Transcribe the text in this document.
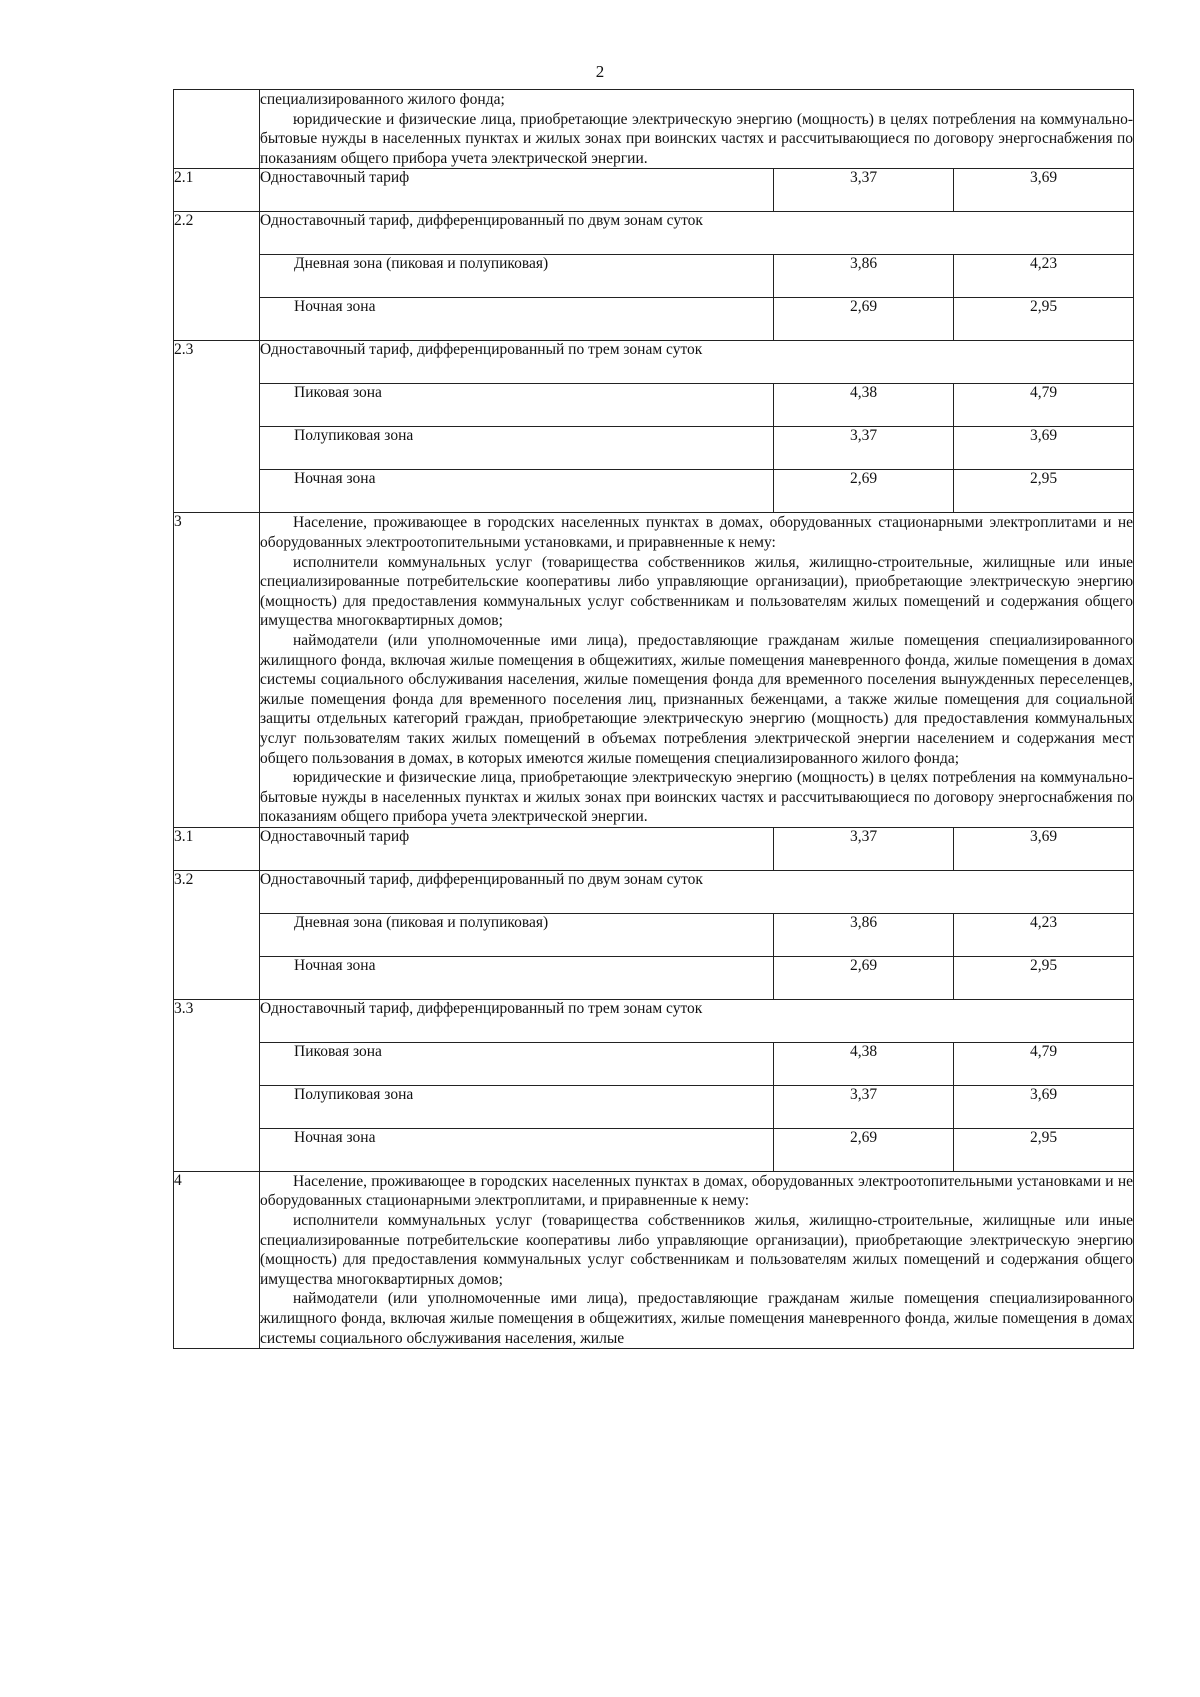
2

	специализированного жилого фонда;

юридические и физические лица, приобретающие электрическую энергию (мощность) в целях потребления на коммунально-бытовые нужды в населенных пунктах и жилых зонах при воинских частях и рассчитывающиеся по договору энергоснабжения по показаниям общего прибора учета электрической энергии.		

2.1	Одноставочный тариф	3,37	3,69
2.2	Одноставочный тариф, дифференцированный по двум зонам суток		
	Дневная зона (пиковая и полупиковая)	3,86	4,23
	Ночная зона	2,69	2,95
2.3	Одноставочный тариф, дифференцированный по трем зонам суток		
	Пиковая зона	4,38	4,79
	Полупиковая зона	3,37	3,69
	Ночная зона	2,69	2,95
3	Население, проживающее в городских населенных пунктах в домах, оборудованных стационарными электроплитами и не оборудованных электроотопительными установками, и приравненные к нему:

исполнители коммунальных услуг (товарищества собственников жилья, жилищно-строительные, жилищные или иные специализированные потребительские кооперативы либо управляющие организации), приобретающие электрическую энергию (мощность) для предоставления коммунальных услуг собственникам и пользователям жилых помещений и содержания общего имущества многоквартирных домов;

наймодатели (или уполномоченные ими лица), предоставляющие гражданам жилые помещения специализированного жилищного фонда, включая жилые помещения в общежитиях, жилые помещения маневренного фонда, жилые помещения в домах системы социального обслуживания населения, жилые помещения фонда для временного поселения вынужденных переселенцев, жилые помещения фонда для временного поселения лиц, признанных беженцами, а также жилые помещения для социальной защиты отдельных категорий граждан, приобретающие электрическую энергию (мощность) для предоставления коммунальных услуг пользователям таких жилых помещений в объемах потребления электрической энергии населением и содержания мест общего пользования в домах, в которых имеются жилые помещения специализированного жилого фонда;

юридические и физические лица, приобретающие электрическую энергию (мощность) в целях потребления на коммунально-бытовые нужды в населенных пунктах и жилых зонах при воинских частях и рассчитывающиеся по договору энергоснабжения по показаниям общего прибора учета электрической энергии.		

3.1	Одноставочный тариф	3,37	3,69
3.2	Одноставочный тариф, дифференцированный по двум зонам суток		
	Дневная зона (пиковая и полупиковая)	3,86	4,23
	Ночная зона	2,69	2,95
3.3	Одноставочный тариф, дифференцированный по трем зонам суток		
	Пиковая зона	4,38	4,79
	Полупиковая зона	3,37	3,69
	Ночная зона	2,69	2,95
4	Население, проживающее в городских населенных пунктах в домах, оборудованных электроотопительными установками и не оборудованных стационарными электроплитами, и приравненные к нему:

исполнители коммунальных услуг (товарищества собственников жилья, жилищно-строительные, жилищные или иные специализированные потребительские кооперативы либо управляющие организации), приобретающие электрическую энергию (мощность) для предоставления коммунальных услуг собственникам и пользователям жилых помещений и содержания общего имущества многоквартирных домов;

наймодатели (или уполномоченные ими лица), предоставляющие гражданам жилые помещения специализированного жилищного фонда, включая жилые помещения в общежитиях, жилые помещения маневренного фонда, жилые помещения в домах системы социального обслуживания населения, жилые		
